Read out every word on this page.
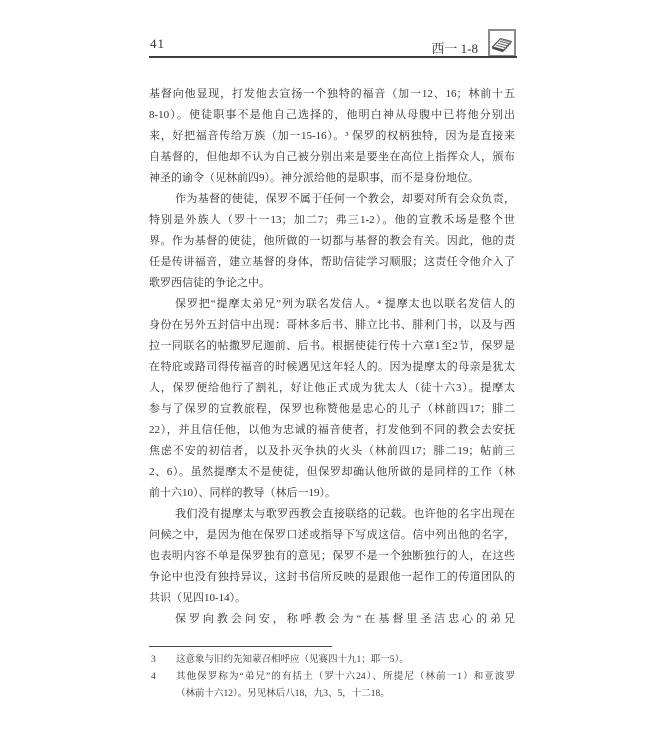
41	西一 1-8
基督向他显现，打发他去宣扬一个独特的福音（加一12、16；林前十五
8-10）。使徒职事不是他自己选择的，他明白神从母腹中已将他分别出
来，好把福音传给万族（加一15-16）。³ 保罗的权柄独特，因为是直接来
自基督的，但他却不认为自己被分别出来是要坐在高位上指挥众人，颁布
神圣的谕令（见林前四9）。神分派给他的是职事，而不是身份地位。
作为基督的使徒，保罗不属于任何一个教会，却要对所有会众负责，
特别是外族人（罗十一13；加二7；弗三1-2）。他的宣教禾场是整个世
界。作为基督的使徒，他所做的一切都与基督的教会有关。因此，他的责
任是传讲福音，建立基督的身体，帮助信徒学习顺服；这责任令他介入了
歌罗西信徒的争论之中。
保罗把“提摩太弟兄”列为联名发信人。⁴ 提摩太也以联名发信人的
身份在另外五封信中出现：哥林多后书、腓立比书、腓利门书，以及与西
拉一同联名的帖撒罗尼迦前、后书。根据使徒行传十六章1至2节，保罗是
在特庇或路司得传福音的时候遇见这年轻人的。因为提摩太的母亲是犹太
人，保罗便给他行了割礼，好让他正式成为犹太人（徒十六3）。提摩太
参与了保罗的宣教旅程，保罗也称赞他是忠心的儿子（林前四17；腓二
22），并且信任他，以他为忠诚的福音使者，打发他到不同的教会去安抚
焦虑不安的初信者，以及扑灭争执的火头（林前四17；腓二19；帖前三
2、6）。虽然提摩太不是使徒，但保罗却确认他所做的是同样的工作（林
前十六10）、同样的教导（林后一19）。
我们没有提摩太与歌罗西教会直接联络的记载。也许他的名字出现在
问候之中，是因为他在保罗口述或指导下写成这信。信中列出他的名字，
也表明内容不单是保罗独有的意见；保罗不是一个独断独行的人，在这些
争论中也没有独持异议，这封书信所反映的是跟他一起作工的传道团队的
共识（见四10-14）。
保罗向教会问安，称呼教会为“在基督里圣洁忠心的弟兄
3 这意象与旧约先知蒙召相呼应（见赛四十九1；耶一5）。
4 其他保罗称为“弟兄”的有括土（罗十六24）、所提尼（林前一1）和亚波罗
（林前十六12）。另见林后八18，九3、5，十二18。
